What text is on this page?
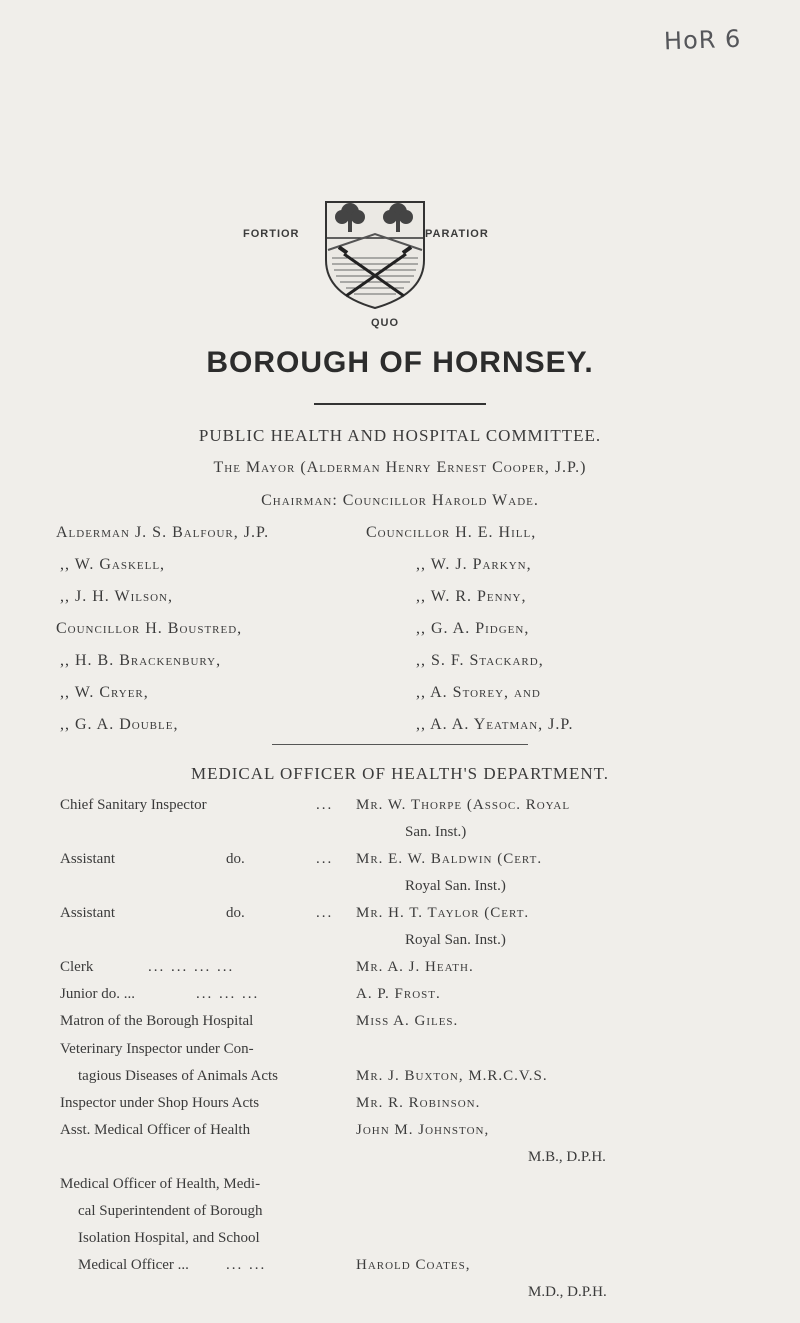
HoR 6
FORTIOR	PARATIOR
QUO
BOROUGH OF HORNSEY.
PUBLIC HEALTH AND HOSPITAL COMMITTEE.
The Mayor (Alderman Henry Ernest Cooper, J.P.)
Chairman: Councillor Harold Wade.
Alderman J. S. Balfour, J.P.	Councillor H. E. Hill,
,, W. Gaskell,	,, W. J. Parkyn,
,, J. H. Wilson,	,, W. R. Penny,
Councillor H. Boustred,	,, G. A. Pidgen,
,, H. B. Brackenbury,	,, S. F. Stackard,
,, W. Cryer,	,, A. Storey, and
,, G. A. Double,	,, A. A. Yeatman, J.P.
MEDICAL OFFICER OF HEALTH'S DEPARTMENT.
Chief Sanitary Inspector	... Mr. W. Thorpe (Assoc. Royal
San. Inst.)
Assistant	do.	... Mr. E. W. Baldwin (Cert.
Royal San. Inst.)
Assistant	do.	... Mr. H. T. Taylor (Cert.
Royal San. Inst.)
Clerk	... ... ... ...	Mr. A. J. Heath.
Junior do. ...	... ... ...	A. P. Frost.
Matron of the Borough Hospital	Miss A. Giles.
Veterinary Inspector under Con-
tagious Diseases of Animals Acts	Mr. J. Buxton, M.R.C.V.S.
Inspector under Shop Hours Acts	Mr. R. Robinson.
Asst. Medical Officer of Health	John M. Johnston,
M.B., D.P.H.
Medical Officer of Health, Medi-
cal Superintendent of Borough
Isolation Hospital, and School
Medical Officer ... ... ...	Harold Coates,
M.D., D.P.H.
